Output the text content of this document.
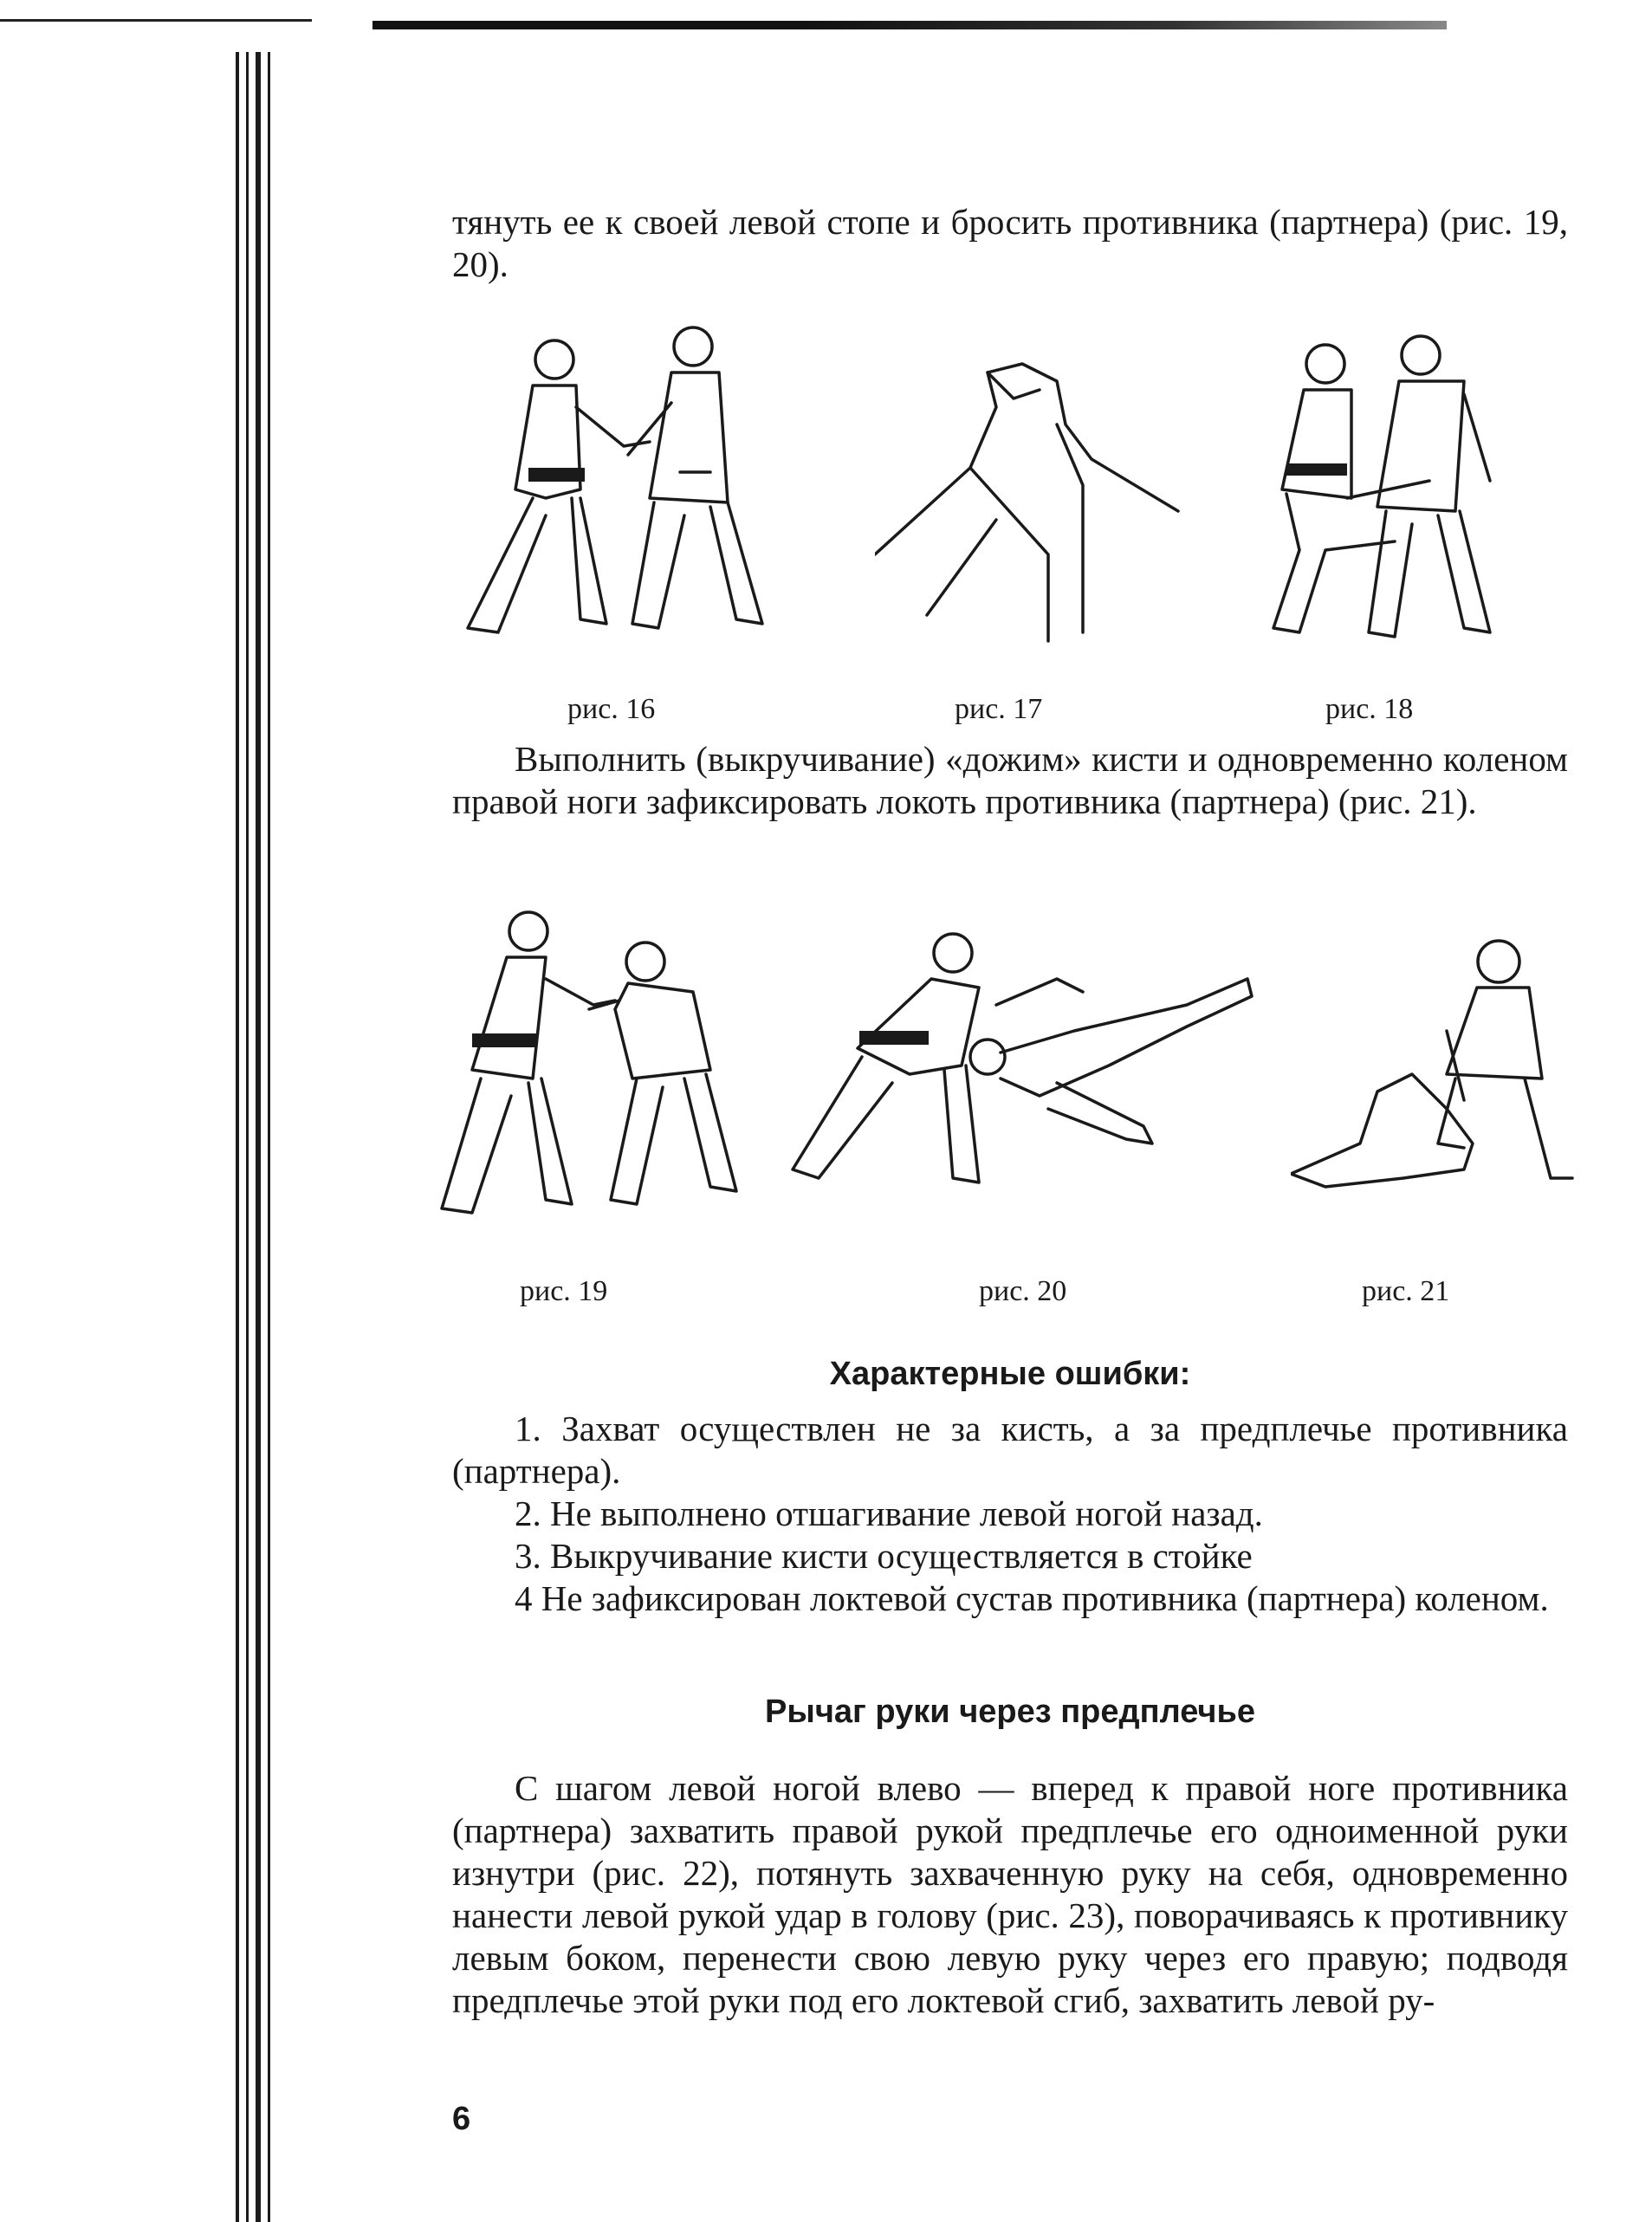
тянуть ее к своей левой стопе и бросить противника (партнера) (рис. 19, 20).

рис. 16	рис. 17	рис. 18

Выполнить (выкручивание) «дожим» кисти и одновременно коленом правой ноги зафиксировать локоть противника (партнера) (рис. 21).

рис. 19	рис. 20	рис. 21
Характерные ошибки:

1. Захват осуществлен не за кисть, а за предплечье противника (партнера).

2. Не выполнено отшагивание левой ногой назад.

3. Выкручивание кисти осуществляется в стойке

4 Не зафиксирован локтевой сустав противника (партнера) коленом.

Рычаг руки через предплечье

С шагом левой ногой влево — вперед к правой ноге противника (партнера) захватить правой рукой предплечье его одноименной руки изнутри (рис. 22), потянуть захваченную руку на себя, одновременно нанести левой рукой удар в голову (рис. 23), поворачиваясь к противнику левым боком, перенести свою левую руку через его правую; подводя предплечье этой руки под его локтевой сгиб, захватить левой ру-

6
